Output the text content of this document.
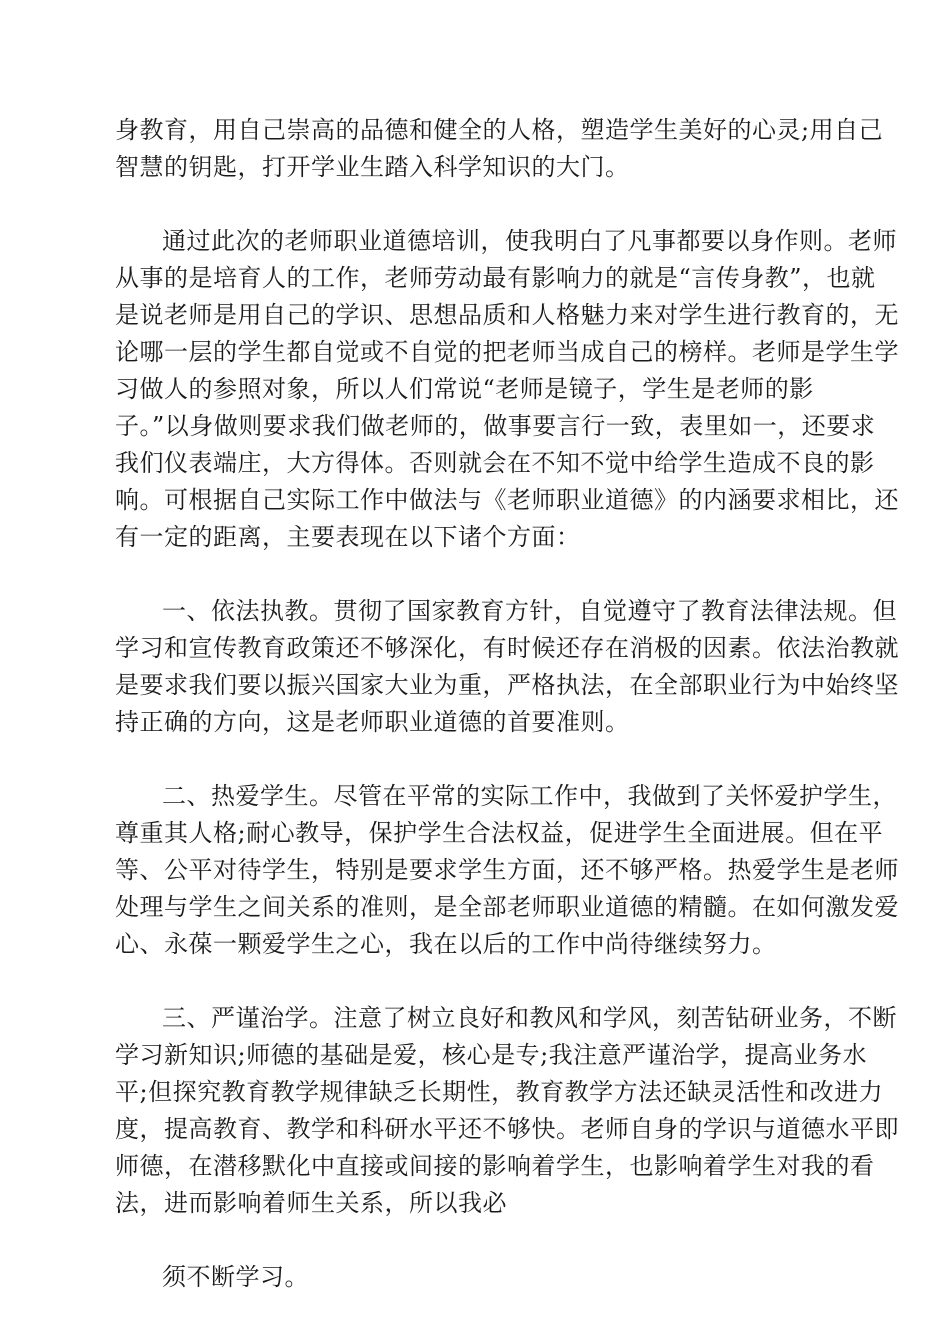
身教育，用自己崇高的品德和健全的人格，塑造学生美好的心灵;用自己
智慧的钥匙，打开学业生踏入科学知识的大门。
通过此次的老师职业道德培训，使我明白了凡事都要以身作则。老师
从事的是培育人的工作，老师劳动最有影响力的就是“言传身教”，也就
是说老师是用自己的学识、思想品质和人格魅力来对学生进行教育的，无
论哪一层的学生都自觉或不自觉的把老师当成自己的榜样。老师是学生学
习做人的参照对象，所以人们常说“老师是镜子，学生是老师的影
子。”以身做则要求我们做老师的，做事要言行一致，表里如一，还要求
我们仪表端庄，大方得体。否则就会在不知不觉中给学生造成不良的影
响。可根据自己实际工作中做法与《老师职业道德》的内涵要求相比，还
有一定的距离，主要表现在以下诸个方面：
一、依法执教。贯彻了国家教育方针，自觉遵守了教育法律法规。但
学习和宣传教育政策还不够深化，有时候还存在消极的因素。依法治教就
是要求我们要以振兴国家大业为重，严格执法，在全部职业行为中始终坚
持正确的方向，这是老师职业道德的首要准则。
二、热爱学生。尽管在平常的实际工作中，我做到了关怀爱护学生，
尊重其人格;耐心教导，保护学生合法权益，促进学生全面进展。但在平
等、公平对待学生，特别是要求学生方面，还不够严格。热爱学生是老师
处理与学生之间关系的准则，是全部老师职业道德的精髓。在如何激发爱
心、永葆一颗爱学生之心，我在以后的工作中尚待继续努力。
三、严谨治学。注意了树立良好和教风和学风，刻苦钻研业务，不断
学习新知识;师德的基础是爱，核心是专;我注意严谨治学，提高业务水
平;但探究教育教学规律缺乏长期性，教育教学方法还缺灵活性和改进力
度，提高教育、教学和科研水平还不够快。老师自身的学识与道德水平即
师德，在潜移默化中直接或间接的影响着学生，也影响着学生对我的看
法，进而影响着师生关系，所以我必
须不断学习。
